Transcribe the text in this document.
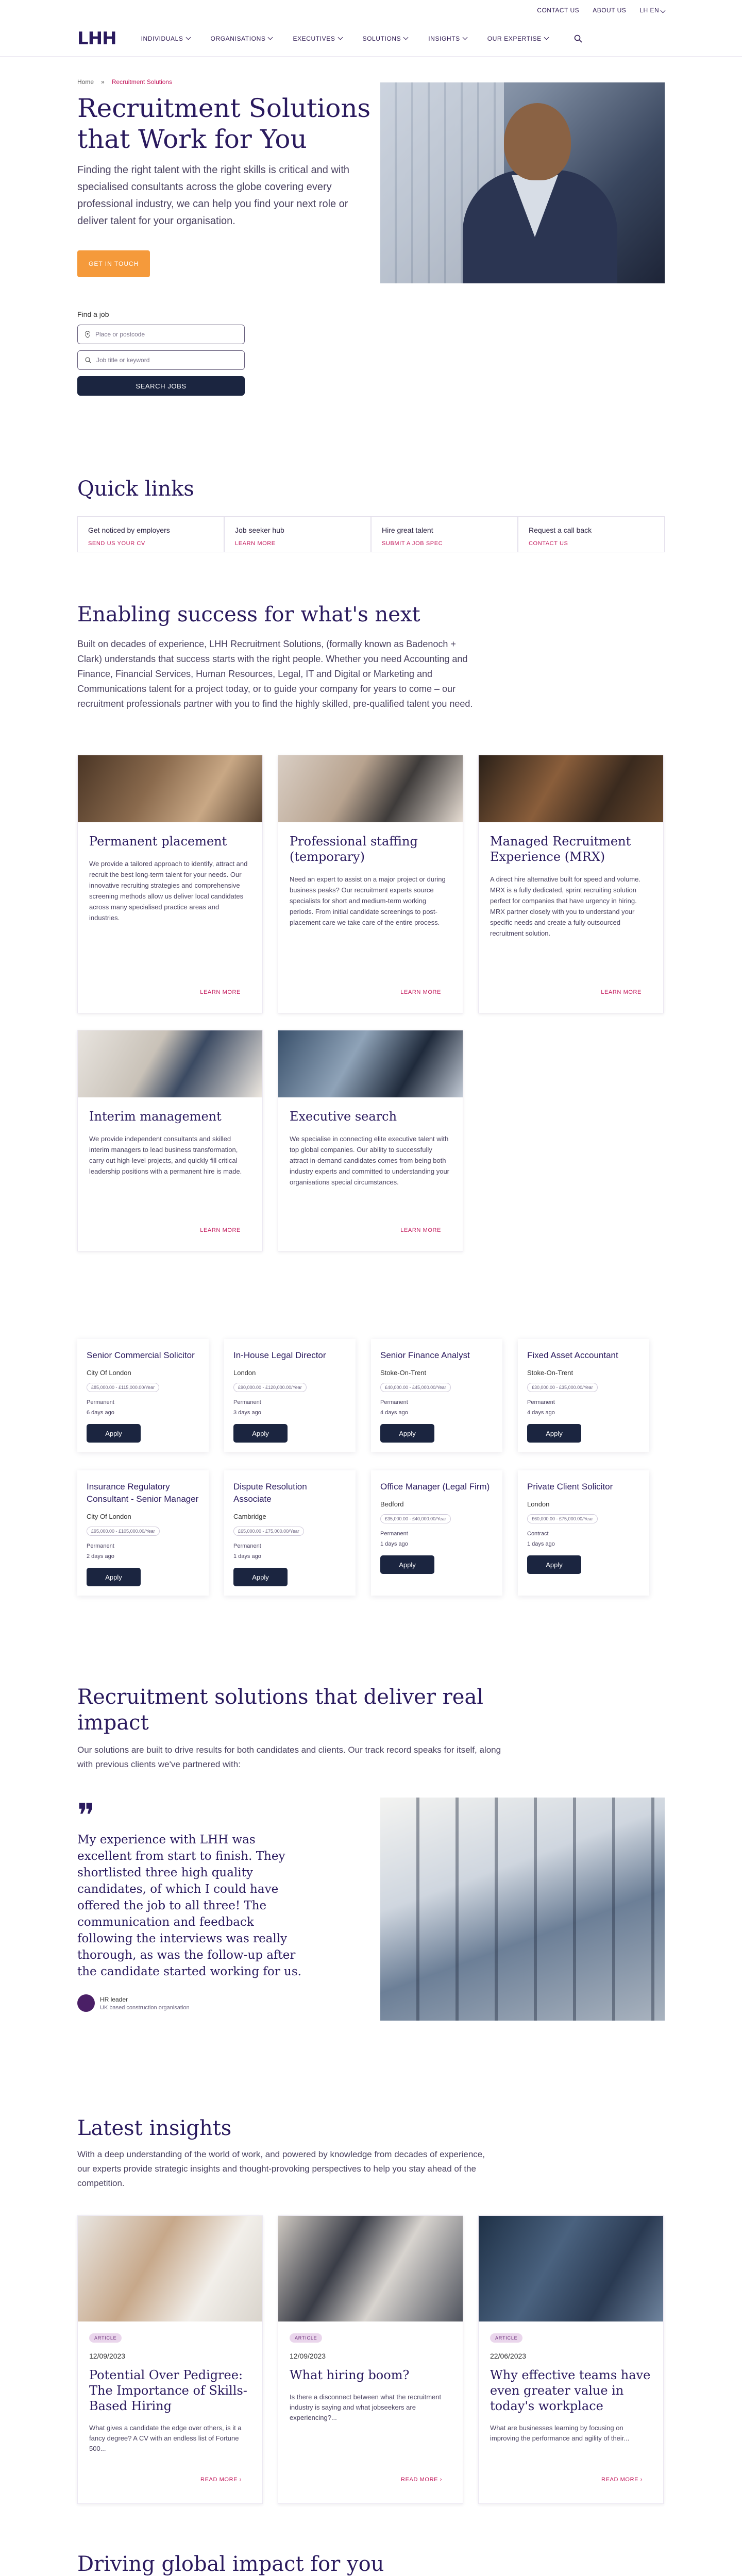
CONTACT US ABOUT US LH EN
LHH	INDIVIDUALS	ORGANISATIONS	EXECUTIVES	SOLUTIONS	INSIGHTS	OUR EXPERTISE
Home » Recruitment Solutions
Recruitment Solutions that Work for You

Finding the right talent with the right skills is critical and with specialised consultants across the globe covering every professional industry, we can help you find your next role or deliver talent for your organisation.

GET IN TOUCH
Find a job
Place or postcode
Job title or keyword
SEARCH JOBS
Quick links
Get noticed by employers
SEND US YOUR CV
Job seeker hub
LEARN MORE
Hire great talent
SUBMIT A JOB SPEC
Request a call back
CONTACT US
Enabling success for what's next

Built on decades of experience, LHH Recruitment Solutions, (formally known as Badenoch + Clark) understands that success starts with the right people. Whether you need Accounting and Finance, Financial Services, Human Resources, Legal, IT and Digital or Marketing and Communications talent for a project today, or to guide your company for years to come – our recruitment professionals partner with you to find the highly skilled, pre-qualified talent you need.

Permanent placement

We provide a tailored approach to identify, attract and recruit the best long-term talent for your needs. Our innovative recruiting strategies and comprehensive screening methods allow us deliver local candidates across many specialised practice areas and industries.

LEARN MORE
Professional staffing (temporary)

Need an expert to assist on a major project or during business peaks? Our recruitment experts source specialists for short and medium-term working periods. From initial candidate screenings to post-placement care we take care of the entire process.

LEARN MORE
Managed Recruitment Experience (MRX)

A direct hire alternative built for speed and volume. MRX is a fully dedicated, sprint recruiting solution perfect for companies that have urgency in hiring. MRX partner closely with you to understand your specific needs and create a fully outsourced recruitment solution.

LEARN MORE
Interim management

We provide independent consultants and skilled interim managers to lead business transformation, carry out high-level projects, and quickly fill critical leadership positions with a permanent hire is made.

LEARN MORE
Executive search

We specialise in connecting elite executive talent with top global companies. Our ability to successfully attract in-demand candidates comes from being both industry experts and committed to understanding your organisations special circumstances.

LEARN MORE
Senior Commercial Solicitor
City Of London
£85,000.00 - £115,000.00/Year
Permanent
6 days ago
Apply
In-House Legal Director
London
£90,000.00 - £120,000.00/Year
Permanent
3 days ago
Apply
Senior Finance Analyst
Stoke-On-Trent
£40,000.00 - £45,000.00/Year
Permanent
4 days ago
Apply
Fixed Asset Accountant
Stoke-On-Trent
£30,000.00 - £35,000.00/Year
Permanent
4 days ago
Apply
Insurance Regulatory Consultant - Senior Manager
City Of London
£95,000.00 - £105,000.00/Year
Permanent
2 days ago
Apply
Dispute Resolution Associate
Cambridge
£65,000.00 - £75,000.00/Year
Permanent
1 days ago
Apply
Office Manager (Legal Firm)
Bedford
£35,000.00 - £40,000.00/Year
Permanent
1 days ago
Apply
Private Client Solicitor
London
£60,000.00 - £75,000.00/Year
Contract
1 days ago
Apply
Recruitment solutions that deliver real impact

Our solutions are built to drive results for both candidates and clients. Our track record speaks for itself, along with previous clients we've partnered with:

❞
My experience with LHH was excellent from start to finish. They shortlisted three high quality candidates, of which I could have offered the job to all three! The communication and feedback following the interviews was really thorough, as was the follow-up after the candidate started working for us.
HR leader
UK based construction organisation
Latest insights

With a deep understanding of the world of work, and powered by knowledge from decades of experience, our experts provide strategic insights and thought-provoking perspectives to help you stay ahead of the competition.

ARTICLE
12/09/2023
Potential Over Pedigree: The Importance of Skills-Based Hiring

What gives a candidate the edge over others, is it a fancy degree? A CV with an endless list of Fortune 500...

READ MORE ›
ARTICLE
12/09/2023
What hiring boom?

Is there a disconnect between what the recruitment industry is saying and what jobseekers are experiencing?...

READ MORE ›
ARTICLE
22/06/2023
Why effective teams have even greater value in today's workplace

What are businesses learning by focusing on improving the performance and agility of their...

READ MORE ›
Driving global impact for you
